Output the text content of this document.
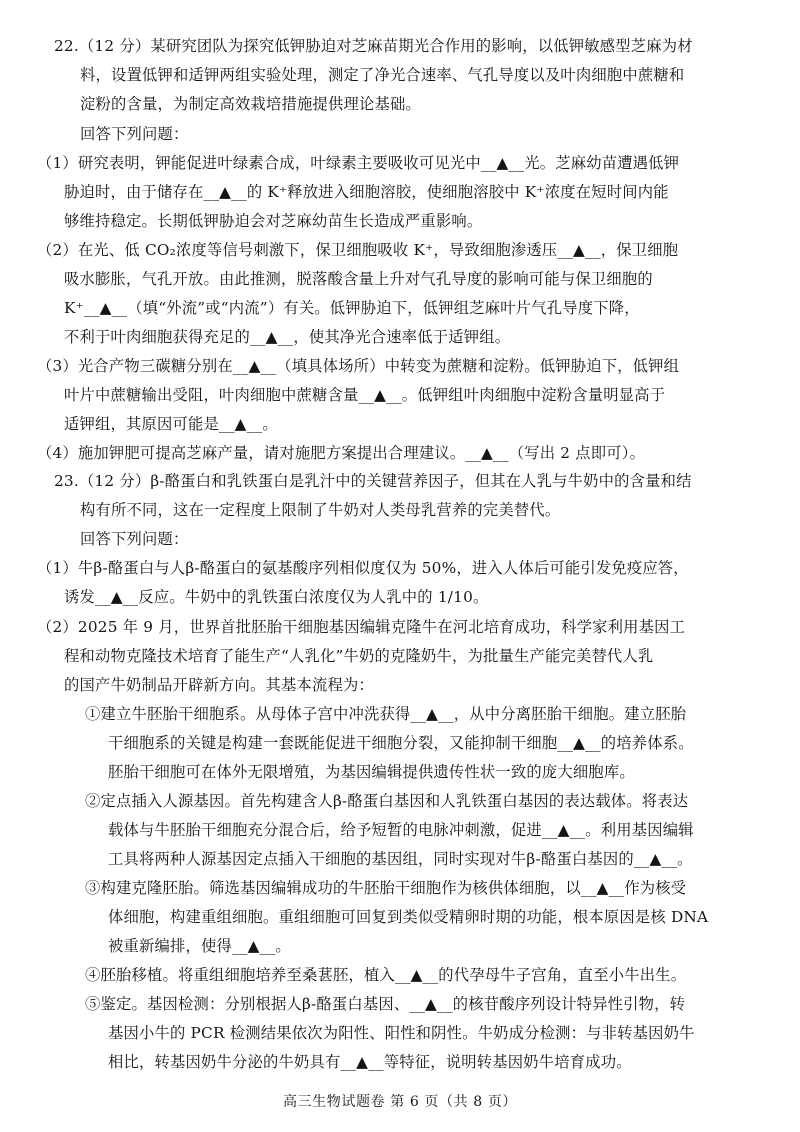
22.（12 分）某研究团队为探究低钾胁迫对芝麻苗期光合作用的影响，以低钾敏感型芝麻为材
料，设置低钾和适钾两组实验处理，测定了净光合速率、气孔导度以及叶肉细胞中蔗糖和
淀粉的含量，为制定高效栽培措施提供理论基础。
回答下列问题：
（1）研究表明，钾能促进叶绿素合成，叶绿素主要吸收可见光中__▲__光。芝麻幼苗遭遇低钾
胁迫时，由于储存在__▲__的 K⁺释放进入细胞溶胶，使细胞溶胶中 K⁺浓度在短时间内能
够维持稳定。长期低钾胁迫会对芝麻幼苗生长造成严重影响。
（2）在光、低 CO₂浓度等信号刺激下，保卫细胞吸收 K⁺，导致细胞渗透压__▲__，保卫细胞
吸水膨胀，气孔开放。由此推测，脱落酸含量上升对气孔导度的影响可能与保卫细胞的
K⁺__▲__（填“外流”或“内流”）有关。低钾胁迫下，低钾组芝麻叶片气孔导度下降，
不利于叶肉细胞获得充足的__▲__，使其净光合速率低于适钾组。
（3）光合产物三碳糖分别在__▲__（填具体场所）中转变为蔗糖和淀粉。低钾胁迫下，低钾组
叶片中蔗糖输出受阻，叶肉细胞中蔗糖含量__▲__。低钾组叶肉细胞中淀粉含量明显高于
适钾组，其原因可能是__▲__。
（4）施加钾肥可提高芝麻产量，请对施肥方案提出合理建议。__▲__（写出 2 点即可）。
23.（12 分）β-酪蛋白和乳铁蛋白是乳汁中的关键营养因子，但其在人乳与牛奶中的含量和结
构有所不同，这在一定程度上限制了牛奶对人类母乳营养的完美替代。
回答下列问题：
（1）牛β-酪蛋白与人β-酪蛋白的氨基酸序列相似度仅为 50%，进入人体后可能引发免疫应答，
诱发__▲__反应。牛奶中的乳铁蛋白浓度仅为人乳中的 1/10。
（2）2025 年 9 月，世界首批胚胎干细胞基因编辑克隆牛在河北培育成功，科学家利用基因工
程和动物克隆技术培育了能生产“人乳化”牛奶的克隆奶牛，为批量生产能完美替代人乳
的国产牛奶制品开辟新方向。其基本流程为：
①建立牛胚胎干细胞系。从母体子宫中冲洗获得__▲__，从中分离胚胎干细胞。建立胚胎
干细胞系的关键是构建一套既能促进干细胞分裂，又能抑制干细胞__▲__的培养体系。
胚胎干细胞可在体外无限增殖，为基因编辑提供遗传性状一致的庞大细胞库。
②定点插入人源基因。首先构建含人β-酪蛋白基因和人乳铁蛋白基因的表达载体。将表达
载体与牛胚胎干细胞充分混合后，给予短暂的电脉冲刺激，促进__▲__。利用基因编辑
工具将两种人源基因定点插入干细胞的基因组，同时实现对牛β-酪蛋白基因的__▲__。
③构建克隆胚胎。筛选基因编辑成功的牛胚胎干细胞作为核供体细胞，以__▲__作为核受
体细胞，构建重组细胞。重组细胞可回复到类似受精卵时期的功能，根本原因是核 DNA
被重新编排，使得__▲__。
④胚胎移植。将重组细胞培养至桑葚胚，植入__▲__的代孕母牛子宫角，直至小牛出生。
⑤鉴定。基因检测：分别根据人β-酪蛋白基因、__▲__的核苷酸序列设计特异性引物，转
基因小牛的 PCR 检测结果依次为阳性、阳性和阴性。牛奶成分检测：与非转基因奶牛
相比，转基因奶牛分泌的牛奶具有__▲__等特征，说明转基因奶牛培育成功。
高三生物试题卷 第 6 页（共 8 页）
